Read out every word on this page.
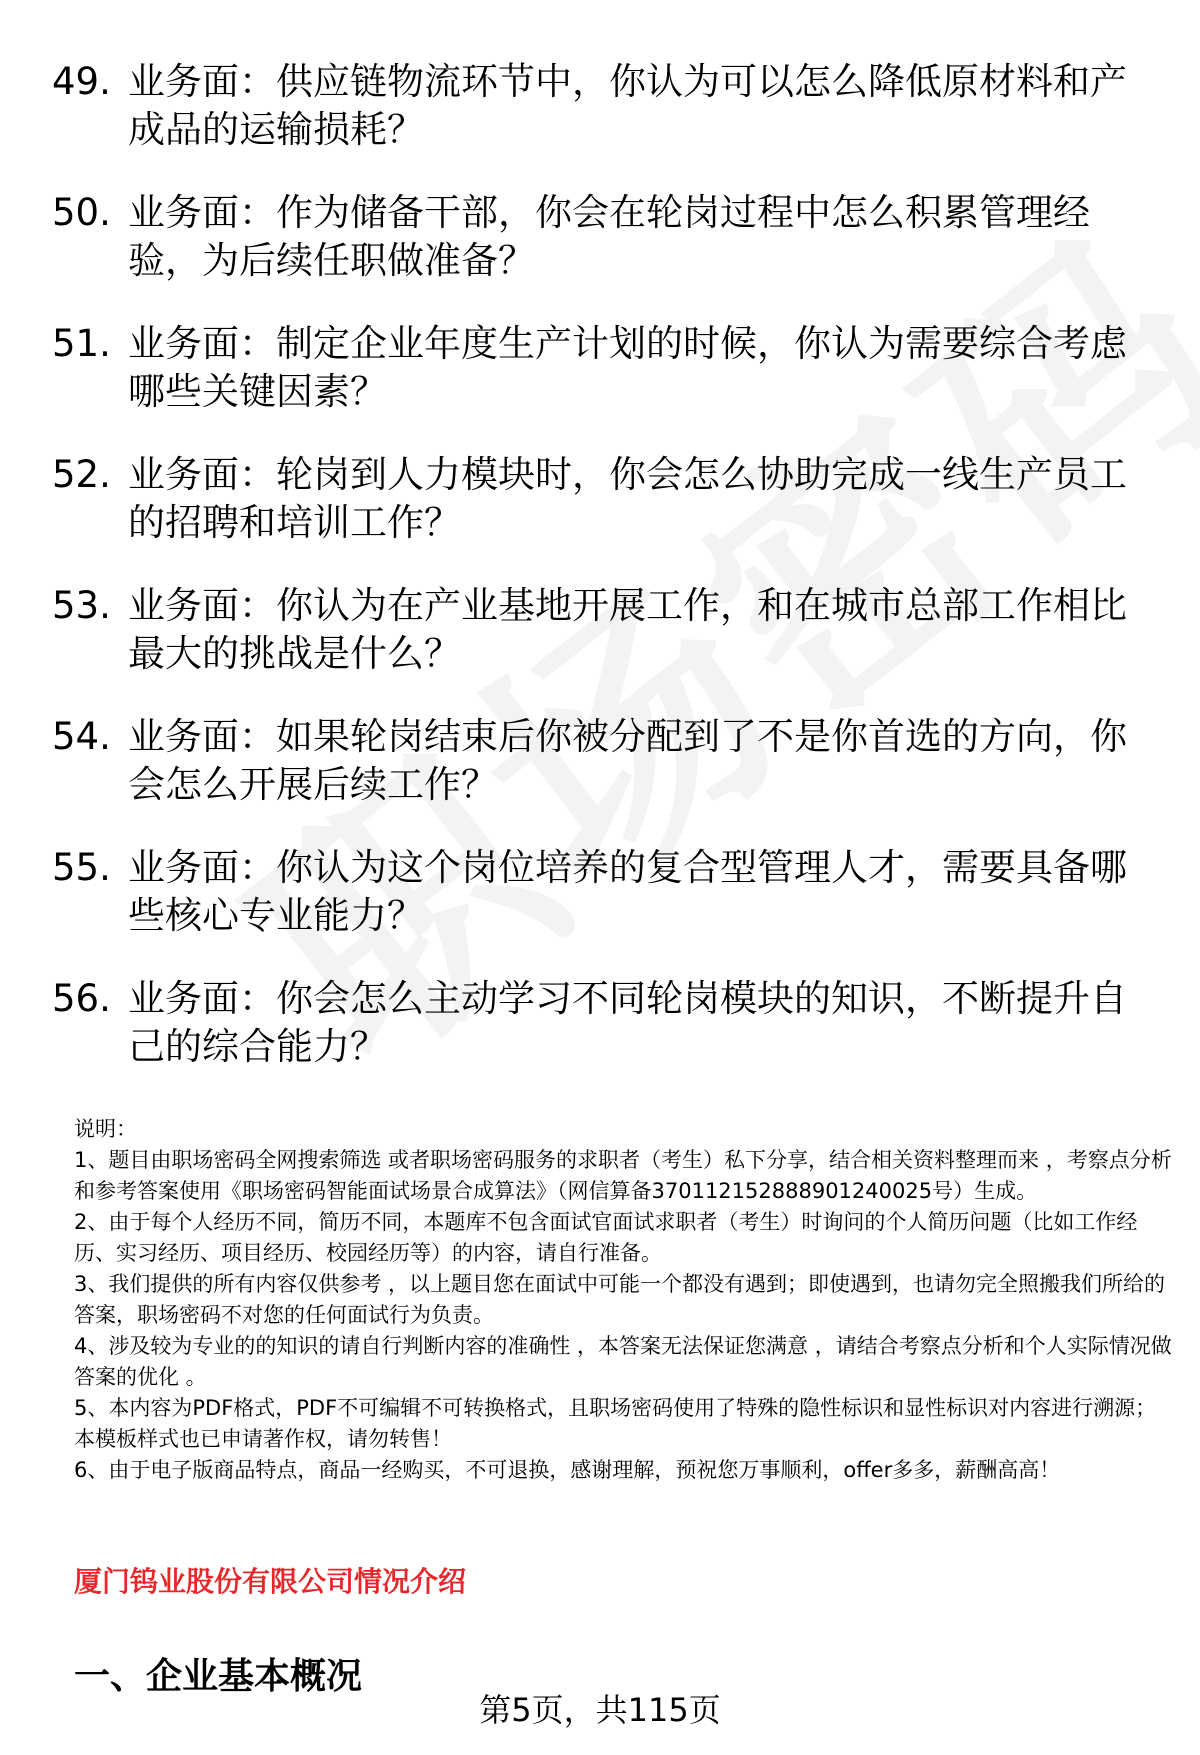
49. 业务面：供应链物流环节中，你认为可以怎么降低原材料和产成品的运输损耗？
50. 业务面：作为储备干部，你会在轮岗过程中怎么积累管理经验，为后续任职做准备？
51. 业务面：制定企业年度生产计划的时候，你认为需要综合考虑哪些关键因素？
52. 业务面：轮岗到人力模块时，你会怎么协助完成一线生产员工的招聘和培训工作？
53. 业务面：你认为在产业基地开展工作，和在城市总部工作相比最大的挑战是什么？
54. 业务面：如果轮岗结束后你被分配到了不是你首选的方向，你会怎么开展后续工作？
55. 业务面：你认为这个岗位培养的复合型管理人才，需要具备哪些核心专业能力？
56. 业务面：你会怎么主动学习不同轮岗模块的知识，不断提升自己的综合能力？

说明：

1、题目由职场密码全网搜索筛选 或者职场密码服务的求职者（考生）私下分享，结合相关资料整理而来 ，考察点分析和参考答案使用《职场密码智能面试场景合成算法》（网信算备370112152888901240025号）生成。

2、由于每个人经历不同，简历不同，本题库不包含面试官面试求职者（考生）时询问的个人简历问题（比如工作经历、实习经历、项目经历、校园经历等）的内容，请自行准备。

3、我们提供的所有内容仅供参考 ，以上题目您在面试中可能一个都没有遇到；即使遇到，也请勿完全照搬我们所给的答案，职场密码不对您的任何面试行为负责。

4、涉及较为专业的的知识的请自行判断内容的准确性 ，本答案无法保证您满意 ，请结合考察点分析和个人实际情况做答案的优化 。

5、本内容为PDF格式，PDF不可编辑不可转换格式，且职场密码使用了特殊的隐性标识和显性标识对内容进行溯源；本模板样式也已申请著作权，请勿转售！

6、由于电子版商品特点，商品一经购买，不可退换，感谢理解，预祝您万事顺利，offer多多，薪酬高高！

厦门钨业股份有限公司情况介绍
一、企业基本概况
第5页，共115页
